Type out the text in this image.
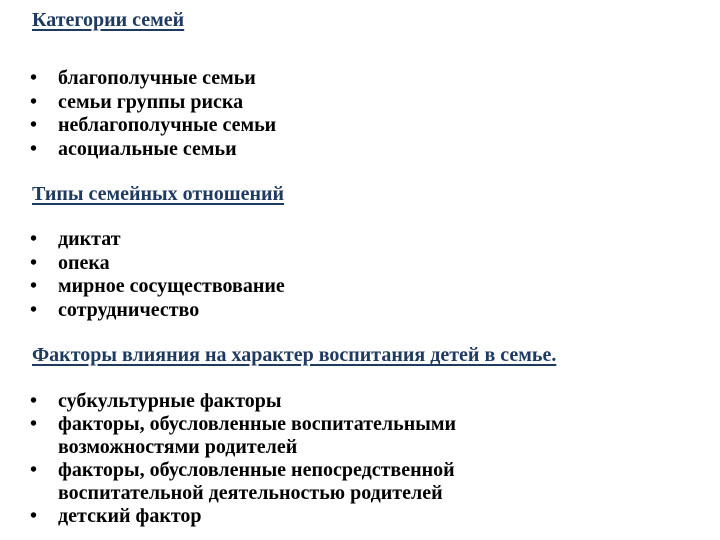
Категории семей
•	благополучные семьи
•	семьи группы риска
•	неблагополучные семьи
•	асоциальные семьи
Типы семейных отношений
•	диктат
•	опека
•	мирное сосуществование
•	сотрудничество
Факторы влияния на характер воспитания детей в семье.
•	субкультурные факторы
•	факторы, обусловленные воспитательными
возможностями родителей
•	факторы, обусловленные непосредственной
воспитательной деятельностью родителей
•	детский фактор
